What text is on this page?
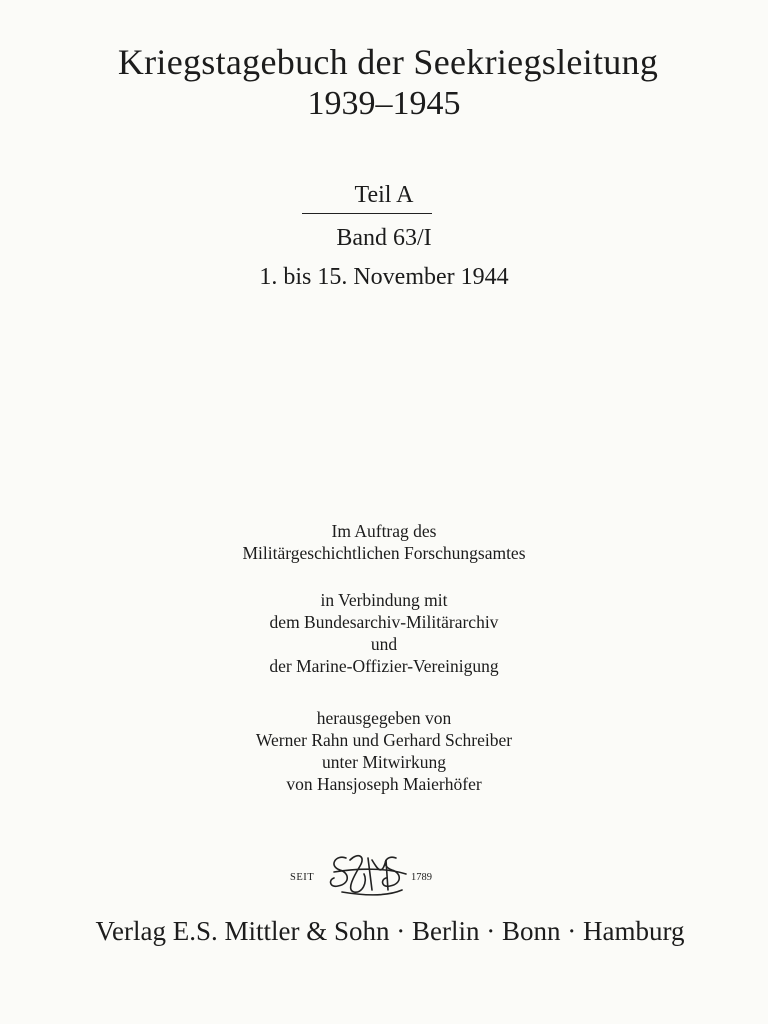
Kriegstagebuch der Seekriegsleitung
1939–1945
Teil A
Band 63/I
1. bis 15. November 1944
Im Auftrag des
Militärgeschichtlichen Forschungsamtes
in Verbindung mit
dem Bundesarchiv-Militärarchiv
und
der Marine-Offizier-Vereinigung
herausgegeben von
Werner Rahn und Gerhard Schreiber
unter Mitwirkung
von Hansjoseph Maierhöfer
SEIT	1789
Verlag E.S. Mittler & Sohn · Berlin · Bonn · Hamburg
